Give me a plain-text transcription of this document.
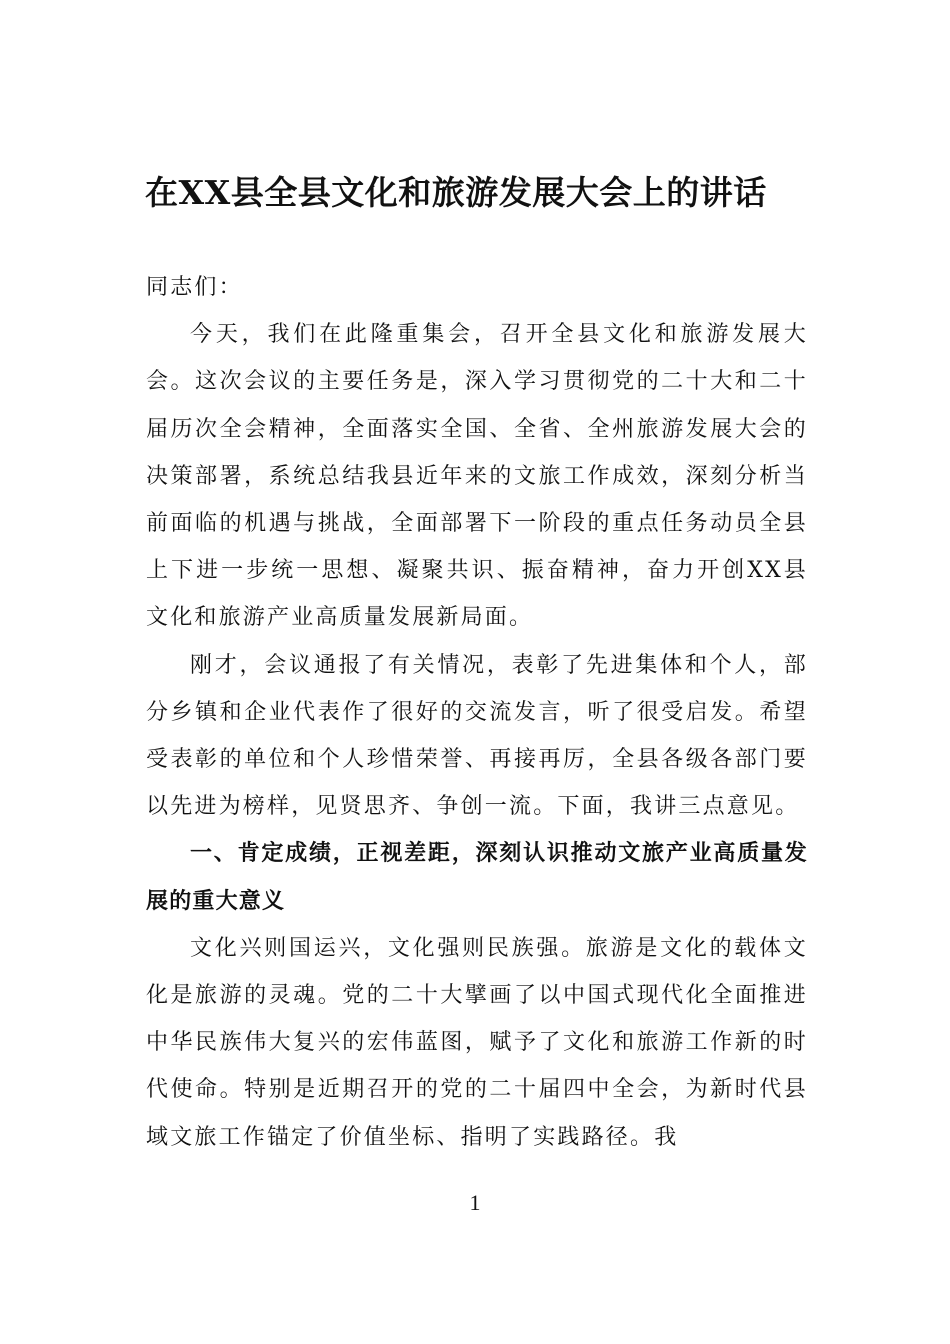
在XX县全县文化和旅游发展大会上的讲话

同志们：

今天，我们在此隆重集会，召开全县文化和旅游发展大会。这次会议的主要任务是，深入学习贯彻党的二十大和二十届历次全会精神，全面落实全国、全省、全州旅游发展大会的决策部署，系统总结我县近年来的文旅工作成效，深刻分析当前面临的机遇与挑战，全面部署下一阶段的重点任务动员全县上下进一步统一思想、凝聚共识、振奋精神，奋力开创XX县文化和旅游产业高质量发展新局面。

刚才，会议通报了有关情况，表彰了先进集体和个人，部分乡镇和企业代表作了很好的交流发言，听了很受启发。希望受表彰的单位和个人珍惜荣誉、再接再厉，全县各级各部门要以先进为榜样，见贤思齐、争创一流。下面，我讲三点意见。

一、肯定成绩，正视差距，深刻认识推动文旅产业高质量发展的重大意义

文化兴则国运兴，文化强则民族强。旅游是文化的载体文化是旅游的灵魂。党的二十大擘画了以中国式现代化全面推进中华民族伟大复兴的宏伟蓝图，赋予了文化和旅游工作新的时代使命。特别是近期召开的党的二十届四中全会，为新时代县域文旅工作锚定了价值坐标、指明了实践路径。我

1
